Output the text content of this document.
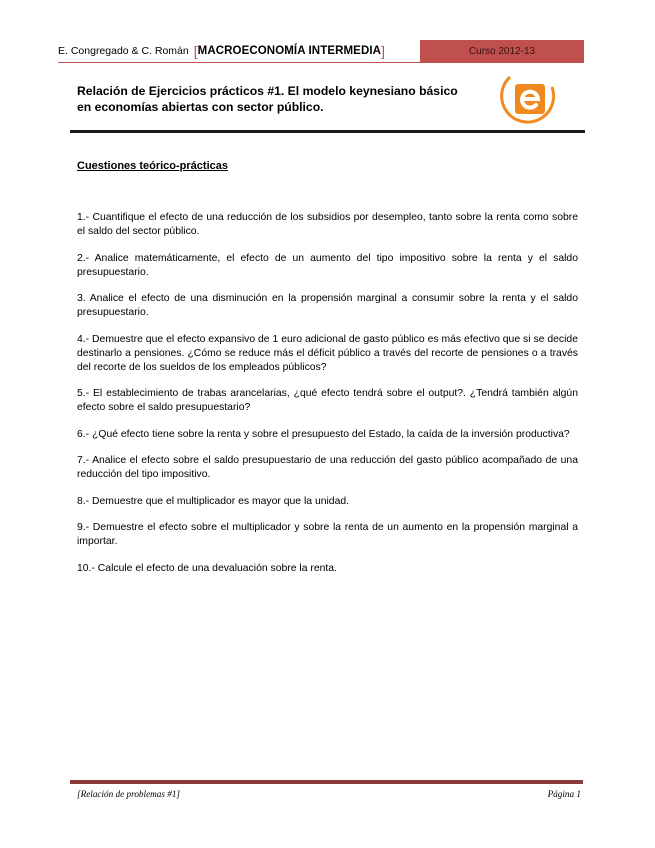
E. Congregado & C. Román [ MACROECONOMÍA INTERMEDIA ]	Curso 2012-13
Relación de Ejercicios prácticos #1. El modelo keynesiano básico
en economías abiertas con sector público.
Cuestiones teórico-prácticas

1.- Cuantifique el efecto de una reducción de los subsidios por desempleo, tanto sobre la renta como sobre el saldo del sector público.

2.- Analice matemáticamente, el efecto de un aumento del tipo impositivo sobre la renta y el saldo presupuestario.

3. Analice el efecto de una disminución en la propensión marginal a consumir sobre la renta y el saldo presupuestario.

4.- Demuestre que el efecto expansivo de 1 euro adicional de gasto público es más efectivo que si se decide destinarlo a pensiones. ¿Cómo se reduce más el déficit público a través del recorte de pensiones o a través del recorte de los sueldos de los empleados públicos?

5.- El establecimiento de trabas arancelarias, ¿qué efecto tendrá sobre el output?. ¿Tendrá también algún efecto sobre el saldo presupuestario?

6.- ¿Qué efecto tiene sobre la renta y sobre el presupuesto del Estado, la caída de la inversión productiva?

7.- Analice el efecto sobre el saldo presupuestario de una reducción del gasto público acompañado de una reducción del tipo impositivo.

8.- Demuestre que el multiplicador es mayor que la unidad.

9.- Demuestre el efecto sobre el multiplicador y sobre la renta de un aumento en la propensión marginal a importar.

10.- Calcule el efecto de una devaluación sobre la renta.

[Relación de problemas #1]	Página 1
